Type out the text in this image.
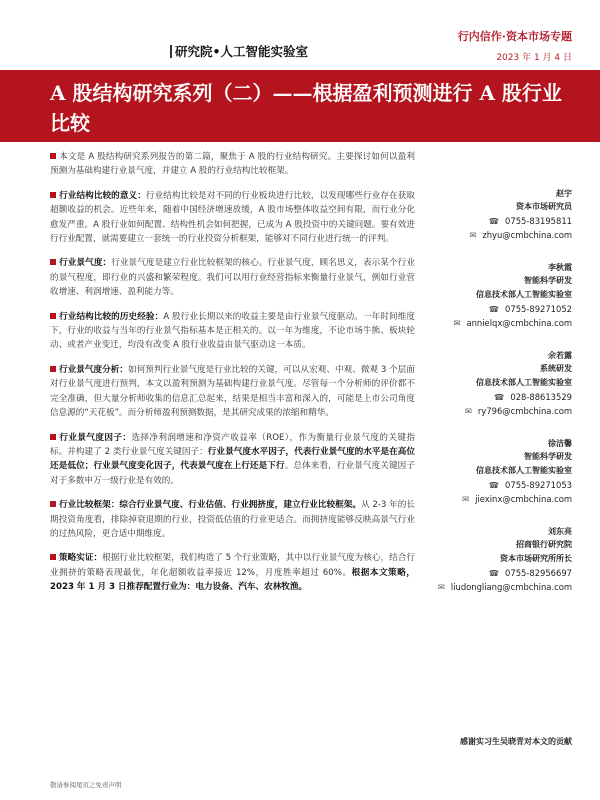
研究院•人工智能实验室
行内信作·资本市场专题
2023 年 1 月 4 日
A 股结构研究系列（二）——根据盈利预测进行 A 股行业比较

本文是 A 股结构研究系列报告的第二篇，聚焦于 A 股的行业结构研究。主要探讨如何以盈利预测为基础构建行业景气度，并建立 A 股的行业结构比较框架。

行业结构比较的意义：行业结构比较是对不同的行业板块进行比较，以发现哪些行业存在获取超额收益的机会。近些年来，随着中国经济增速放缓，A 股市场整体收益空间有限，而行业分化愈发严重。A 股行业如何配置、结构性机会如何把握，已成为 A 股投资中的关键问题。要有效进行行业配置，就需要建立一套统一的行业投资分析框架，能够对不同行业进行统一的评判。

行业景气度：行业景气度是建立行业比较框架的核心。行业景气度，顾名思义，表示某个行业的景气程度，即行业的兴盛和繁荣程度。我们可以用行业经营指标来衡量行业景气，例如行业营收增速、利润增速、盈利能力等。

行业结构比较的历史经验：A 股行业长期以来的收益主要是由行业景气度驱动。一年时间维度下，行业的收益与当年的行业景气指标基本是正相关的。以一年为维度，不论市场牛熊、板块轮动、或者产业变迁，均没有改变 A 股行业收益由景气驱动这一本质。

行业景气度分析：如何预判行业景气度是行业比较的关键，可以从宏观、中观、微观 3 个层面对行业景气度进行预判，本文以盈利预测为基础构建行业景气度。尽管每一个分析师的评价都不完全准确，但大量分析师收集的信息汇总起来，结果是相当丰富和深入的，可能是上市公司角度信息源的“天花板”。而分析师盈利预测数据，是其研究成果的浓缩和精华。

行业景气度因子：选择净利润增速和净资产收益率（ROE），作为衡量行业景气度的关键指标。并构建了 2 类行业景气度关键因子：行业景气度水平因子，代表行业景气度的水平是在高位还是低位；行业景气度变化因子，代表景气度在上行还是下行。总体来看，行业景气度关键因子对于多数申万一级行业是有效的。

行业比较框架：综合行业景气度、行业估值、行业拥挤度，建立行业比较框架。从 2-3 年的长期投资角度看，排除掉衰退期的行业，投资低估值的行业更适合。而拥挤度能够反映高景气行业的过热风险，更合适中期维度。

策略实证：根据行业比较框架，我们构造了 5 个行业策略，其中以行业景气度为核心，结合行业拥挤的策略表现最优，年化超额收益率接近 12%，月度胜率超过 60%。根据本文策略，2023 年 1 月 3 日推荐配置行业为：电力设备、汽车、农林牧渔。

赵宇
资本市场研究员
☎ 0755-83195811
✉ zhyu@cmbchina.com
李秋霞
智能科学研发
信息技术部人工智能实验室
☎ 0755-89271052
✉ annielqx@cmbchina.com
余若露
系统研发
信息技术部人工智能实验室
☎ 028-88613529
✉ ry796@cmbchina.com
徐洁馨
智能科学研发
信息技术部人工智能实验室
☎ 0755-89271053
✉ jiexinx@cmbchina.com
刘东亮
招商银行研究院
资本市场研究所所长
☎ 0755-82956697
✉ liudongliang@cmbchina.com
感谢实习生吴晓青对本文的贡献
敬请参阅尾页之免责声明
